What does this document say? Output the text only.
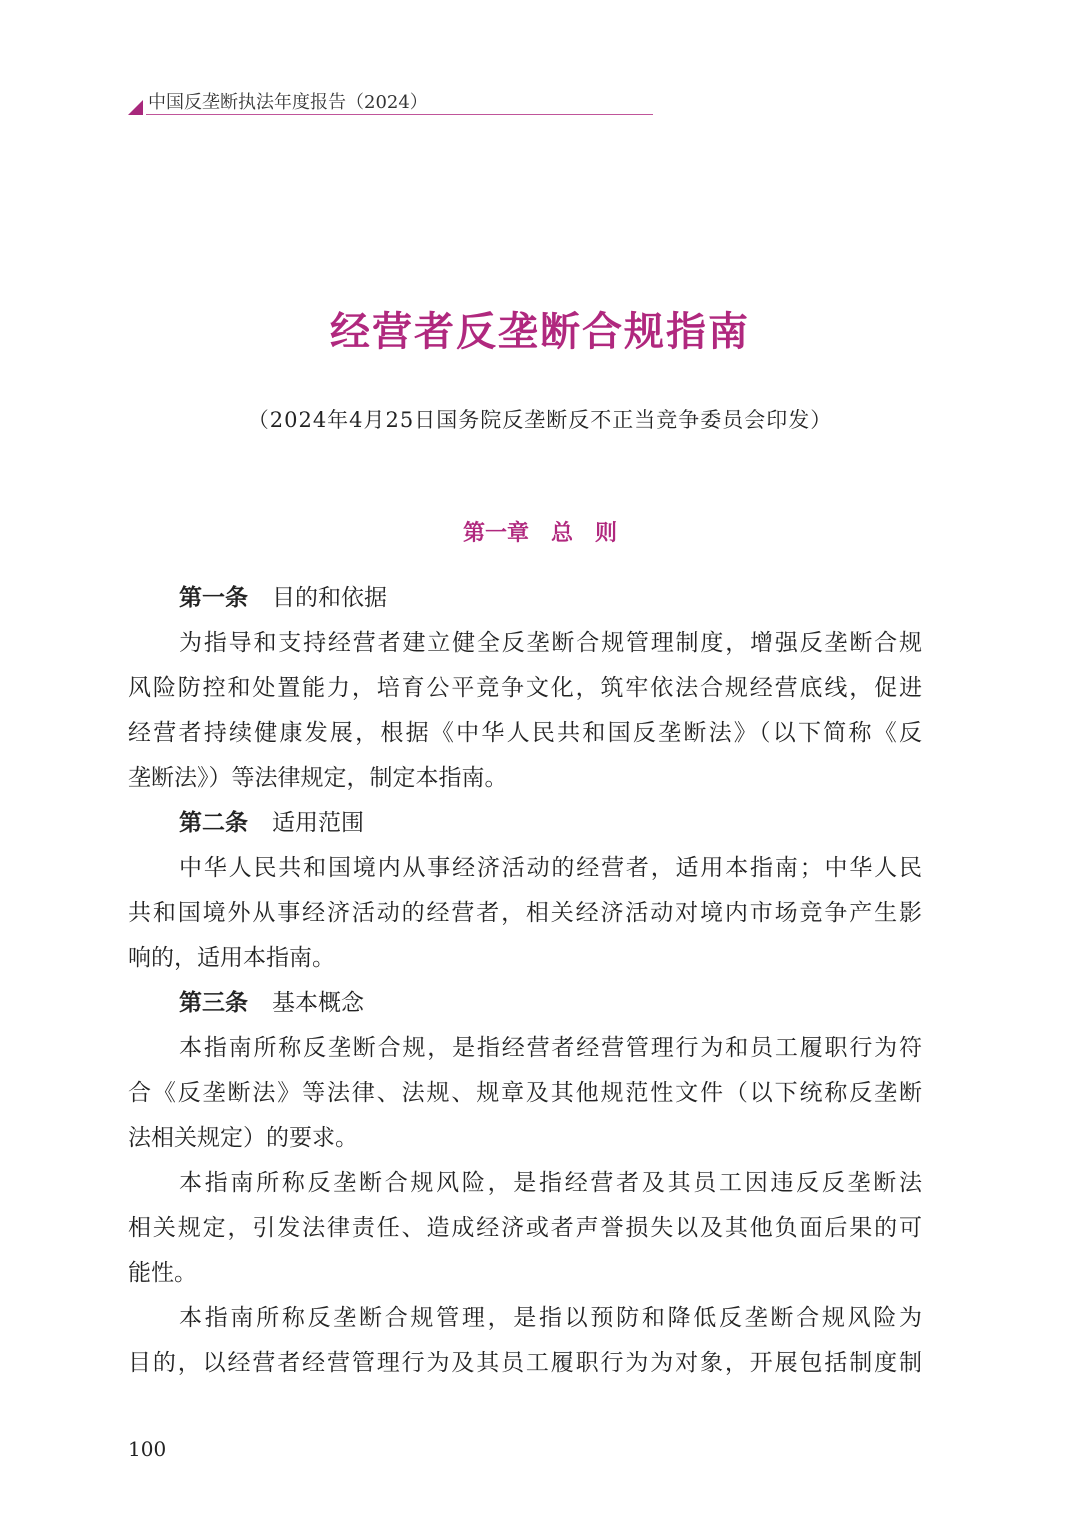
中国反垄断执法年度报告（2024）
经营者反垄断合规指南
（2024年4月25日国务院反垄断反不正当竞争委员会印发）
第一章　总　则
第一条 目的和依据
为指导和支持经营者建立健全反垄断合规管理制度，增强反垄断合规
风险防控和处置能力，培育公平竞争文化，筑牢依法合规经营底线，促进
经营者持续健康发展，根据《中华人民共和国反垄断法》（以下简称《反
垄断法》）等法律规定，制定本指南。
第二条 适用范围
中华人民共和国境内从事经济活动的经营者，适用本指南；中华人民
共和国境外从事经济活动的经营者，相关经济活动对境内市场竞争产生影
响的，适用本指南。
第三条 基本概念
本指南所称反垄断合规，是指经营者经营管理行为和员工履职行为符
合《反垄断法》等法律、法规、规章及其他规范性文件（以下统称反垄断
法相关规定）的要求。
本指南所称反垄断合规风险，是指经营者及其员工因违反反垄断法
相关规定，引发法律责任、造成经济或者声誉损失以及其他负面后果的可
能性。
本指南所称反垄断合规管理，是指以预防和降低反垄断合规风险为
目的，以经营者经营管理行为及其员工履职行为为对象，开展包括制度制
100
